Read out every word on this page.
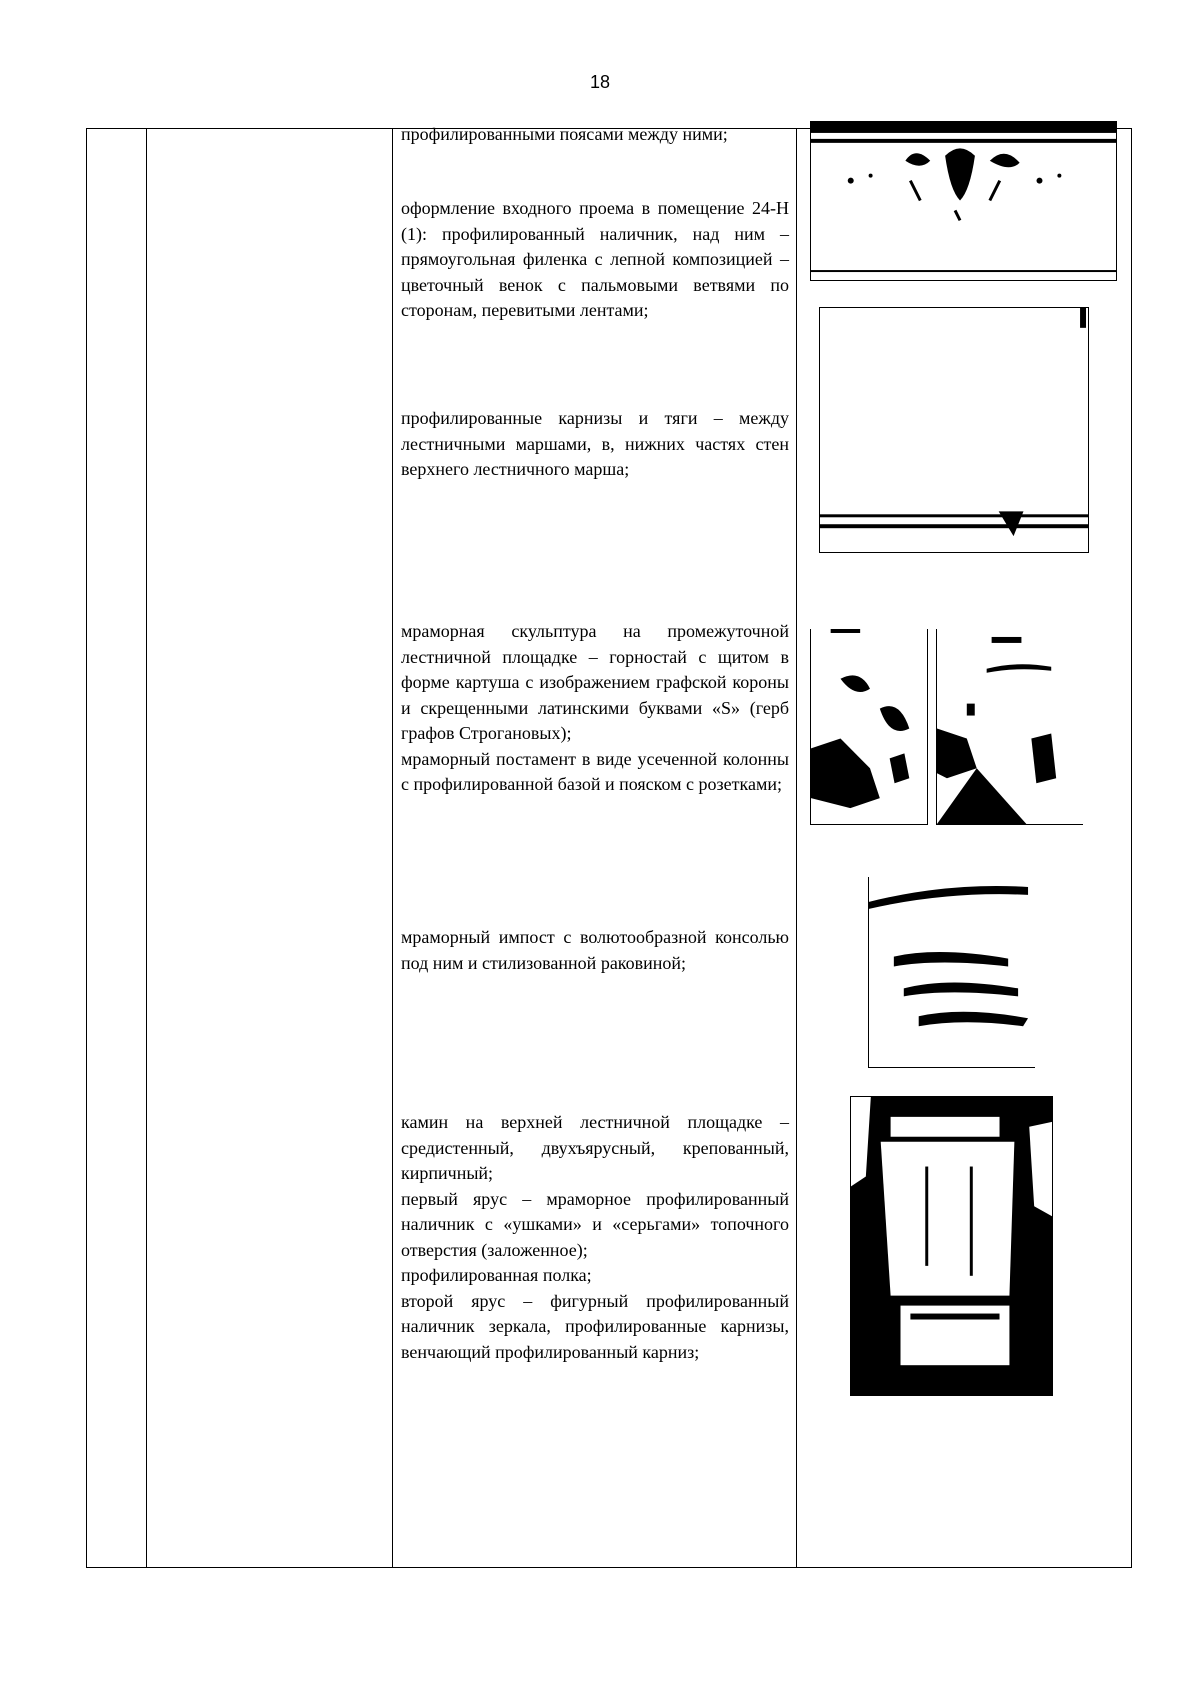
18

профилированными поясами между ними;

оформление входного проема в помещение 24-Н (1): профилированный наличник, над ним – прямоугольная филенка с лепной композицией – цветочный венок с пальмовыми ветвями по сторонам, перевитыми лентами;

профилированные карнизы и тяги – между лестничными маршами, в, нижних частях стен верхнего лестничного марша;

мраморная скульптура на промежуточной лестничной площадке – горностай с щитом в форме картуша с изображением графской короны и скрещенными латинскими буквами «S» (герб графов Строгановых);

мраморный постамент в виде усеченной колонны с профилированной базой и пояском с розетками;

мраморный импост с волютообразной консолью под ним и стилизованной раковиной;

камин на верхней лестничной площадке – средистенный, двухъярусный, крепованный, кирпичный;

первый ярус – мраморное профилированный наличник с «ушками» и «серьгами» топочного отверстия (заложенное);

профилированная полка;

второй ярус – фигурный профилированный наличник зеркала, профилированные карнизы, венчающий профилированный карниз;
